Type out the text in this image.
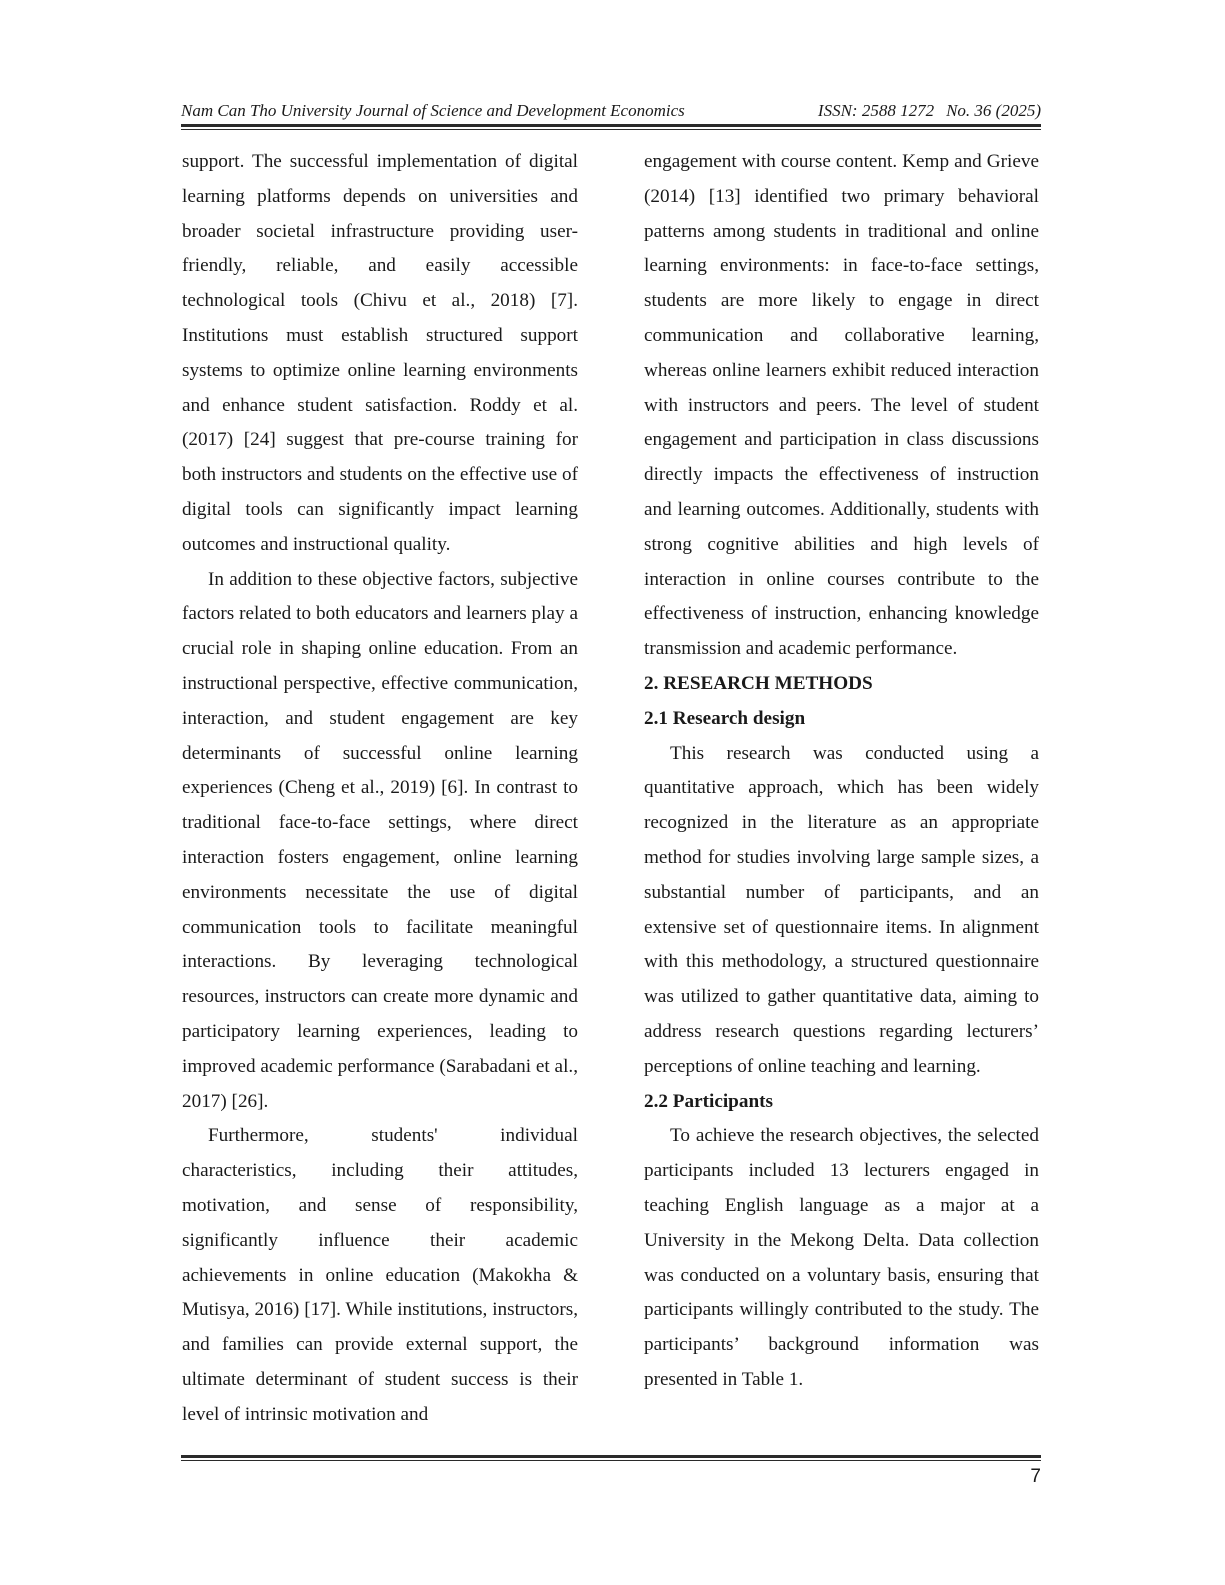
Nam Can Tho University Journal of Science and Development Economics	ISSN: 2588 1272 No. 36 (2025)

support. The successful implementation of digital learning platforms depends on universities and broader societal infrastructure providing user-friendly, reliable, and easily accessible technological tools (Chivu et al., 2018) [7]. Institutions must establish structured support systems to optimize online learning environments and enhance student satisfaction. Roddy et al. (2017) [24] suggest that pre-course training for both instructors and students on the effective use of digital tools can significantly impact learning outcomes and instructional quality.

In addition to these objective factors, subjective factors related to both educators and learners play a crucial role in shaping online education. From an instructional perspective, effective communication, interaction, and student engagement are key determinants of successful online learning experiences (Cheng et al., 2019) [6]. In contrast to traditional face-to-face settings, where direct interaction fosters engagement, online learning environments necessitate the use of digital communication tools to facilitate meaningful interactions. By leveraging technological resources, instructors can create more dynamic and participatory learning experiences, leading to improved academic performance (Sarabadani et al., 2017) [26].

Furthermore, students' individual characteristics, including their attitudes, motivation, and sense of responsibility, significantly influence their academic achievements in online education (Makokha & Mutisya, 2016) [17]. While institutions, instructors, and families can provide external support, the ultimate determinant of student success is their level of intrinsic motivation and

engagement with course content. Kemp and Grieve (2014) [13] identified two primary behavioral patterns among students in traditional and online learning environments: in face-to-face settings, students are more likely to engage in direct communication and collaborative learning, whereas online learners exhibit reduced interaction with instructors and peers. The level of student engagement and participation in class discussions directly impacts the effectiveness of instruction and learning outcomes. Additionally, students with strong cognitive abilities and high levels of interaction in online courses contribute to the effectiveness of instruction, enhancing knowledge transmission and academic performance.

2. RESEARCH METHODS
2.1 Research design

This research was conducted using a quantitative approach, which has been widely recognized in the literature as an appropriate method for studies involving large sample sizes, a substantial number of participants, and an extensive set of questionnaire items. In alignment with this methodology, a structured questionnaire was utilized to gather quantitative data, aiming to address research questions regarding lecturers’ perceptions of online teaching and learning.

2.2 Participants

To achieve the research objectives, the selected participants included 13 lecturers engaged in teaching English language as a major at a University in the Mekong Delta. Data collection was conducted on a voluntary basis, ensuring that participants willingly contributed to the study. The participants’ background information was presented in Table 1.

7
